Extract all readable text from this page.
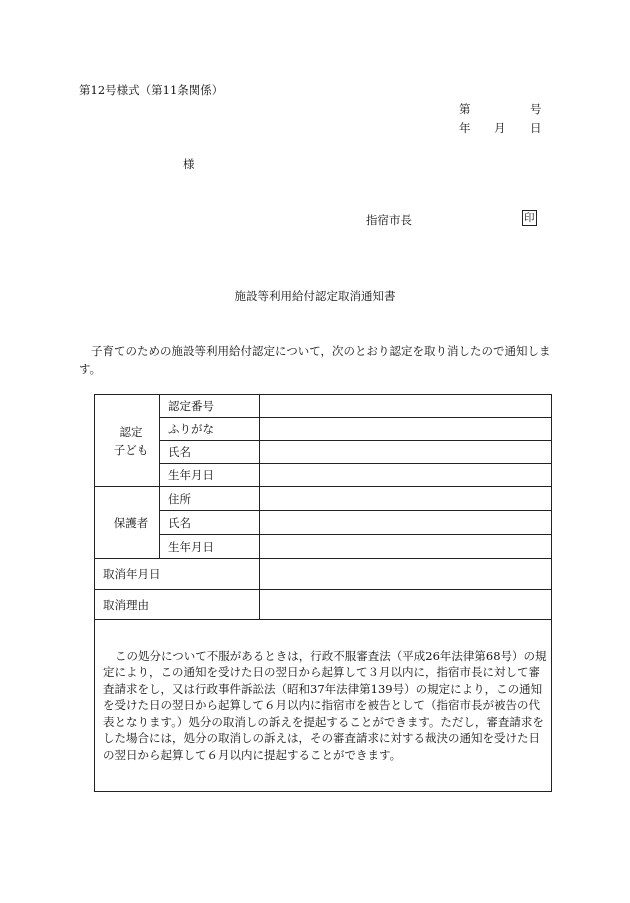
第12号様式（第11条関係）
第	号
年 月 日
様
指宿市長	印
施設等利用給付認定取消通知書
子育てのための施設等利用給付認定について，次のとおり認定を取り消したので通知します。
認定
子ども	認定番号	
	ふりがな	
	氏名	
	生年月日	
保護者	住所	
	氏名	
	生年月日	
取消年月日		
取消理由		
この処分について不服があるときは，行政不服審査法（平成26年法律第68号）の規定により，この通知を受けた日の翌日から起算して３月以内に，指宿市長に対して審査請求をし，又は行政事件訴訟法（昭和37年法律第139号）の規定により，この通知を受けた日の翌日から起算して６月以内に指宿市を被告として（指宿市長が被告の代表となります。）処分の取消しの訴えを提起することができます。ただし，審査請求をした場合には，処分の取消しの訴えは，その審査請求に対する裁決の通知を受けた日の翌日から起算して６月以内に提起することができます。		
